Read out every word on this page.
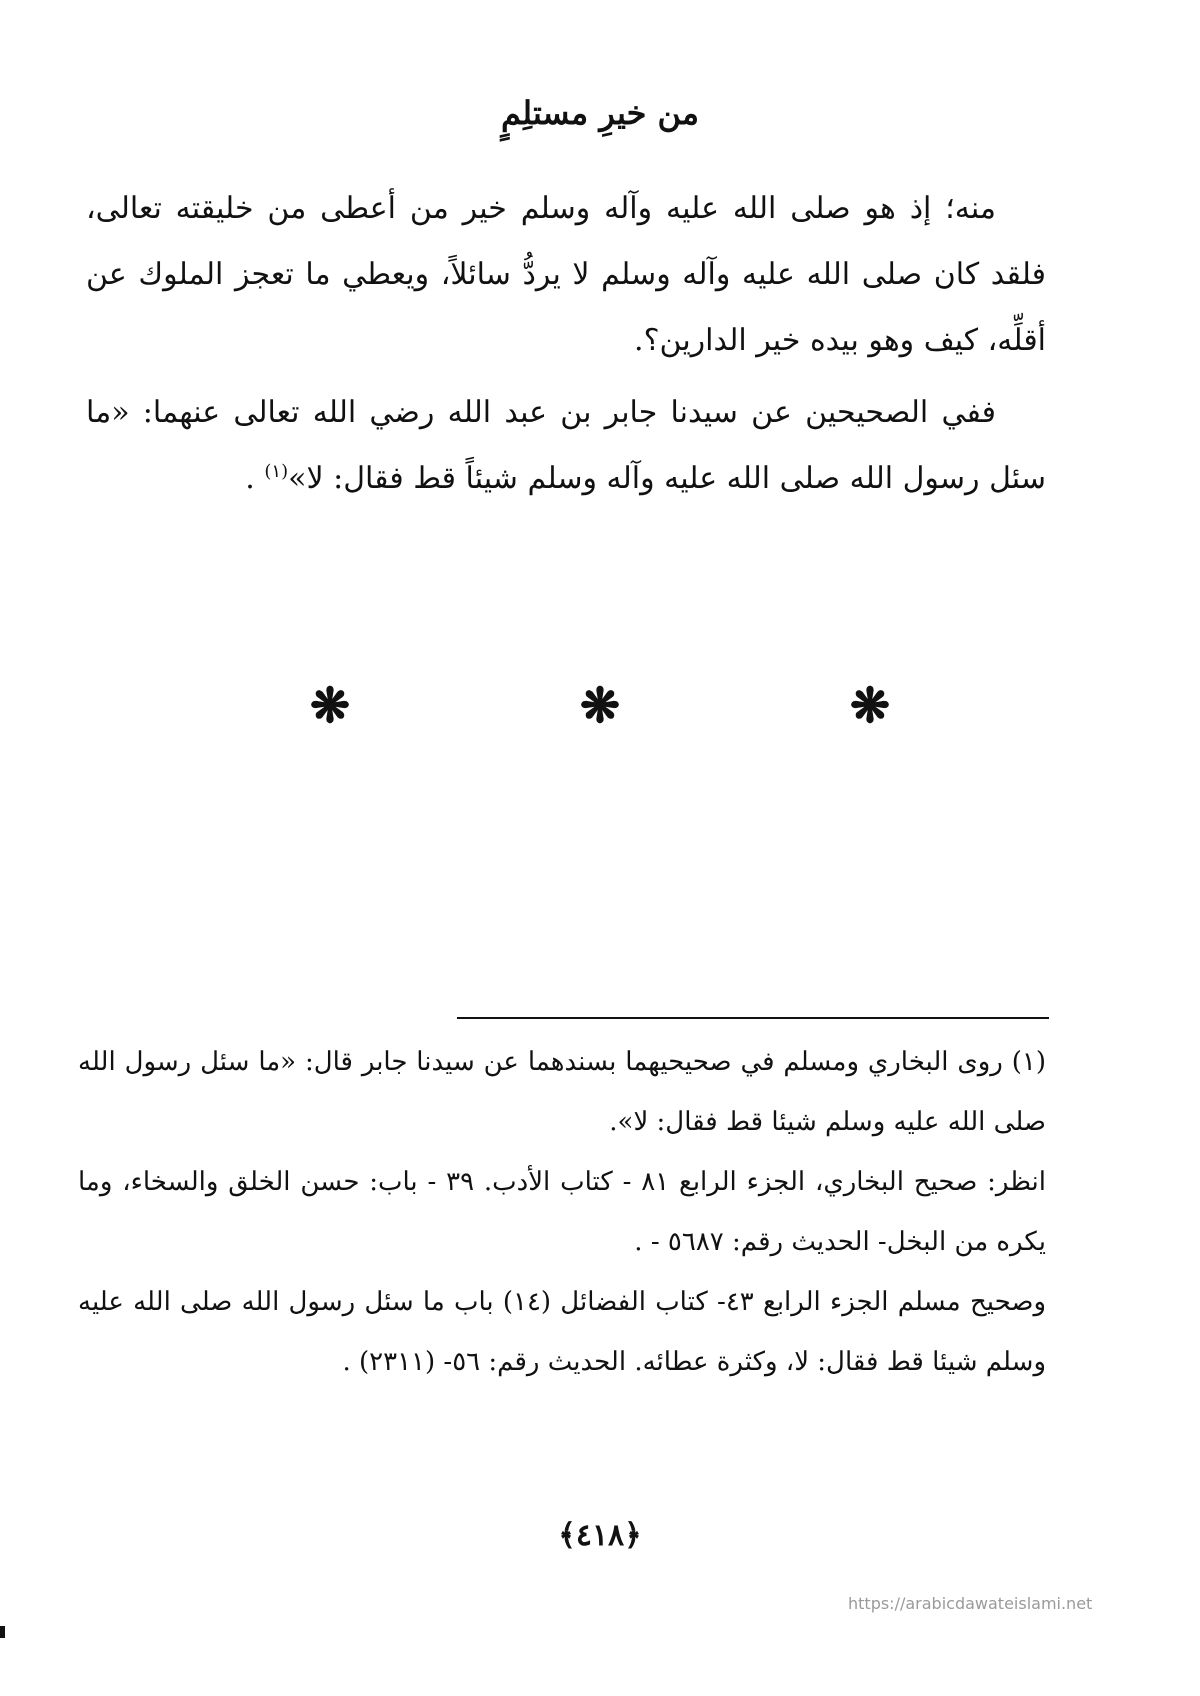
من خيرِ مستلِمٍ

منه؛ إذ هو صلى الله عليه وآله وسلم خير من أعطى من خليقته تعالى، فلقد كان صلى الله عليه وآله وسلم لا يردُّ سائلاً، ويعطي ما تعجز الملوك عن أقلِّه، كيف وهو بيده خير الدارين؟.

ففي الصحيحين عن سيدنا جابر بن عبد الله رضي الله تعالى عنهما: «ما سئل رسول الله صلى الله عليه وآله وسلم شيئاً قط فقال: لا»$^{(١)}$ .

❋	❋	❋

(١) روى البخاري ومسلم في صحيحيهما بسندهما عن سيدنا جابر قال: «ما سئل رسول الله صلى الله عليه وسلم شيئا قط فقال: لا».

انظر: صحيح البخاري، الجزء الرابع ٨١ - كتاب الأدب. ٣٩ - باب: حسن الخلق والسخاء، وما يكره من البخل- الحديث رقم: ٥٦٨٧ - .

وصحيح مسلم الجزء الرابع ٤٣- كتاب الفضائل (١٤) باب ما سئل رسول الله صلى الله عليه وسلم شيئا قط فقال: لا، وكثرة عطائه. الحديث رقم: ٥٦- (٢٣١١) .

﴿٤١٨﴾
https://arabicdawateislami.net
